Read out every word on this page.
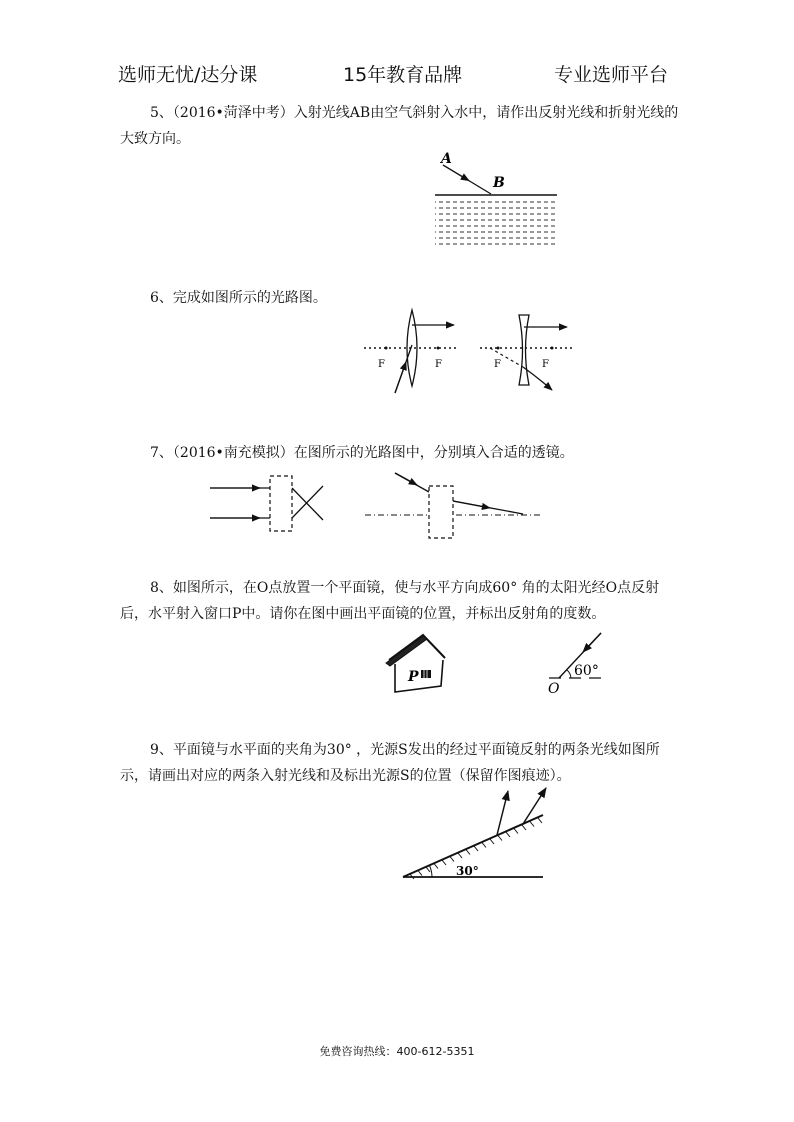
选师无忧/达分课	15年教育品牌	专业选师平台
5、（2016•菏泽中考）入射光线AB由空气斜射入水中，请作出反射光线和折射光线的大致方向。
A
B
6、完成如图所示的光路图。
F	F	F	F
7、（2016•南充模拟）在图所示的光路图中，分别填入合适的透镜。
8、如图所示，在O点放置一个平面镜，使与水平方向成60° 角的太阳光经O点反射后，水平射入窗口P中。请你在图中画出平面镜的位置，并标出反射角的度数。
P	60°
O
9、平面镜与水平面的夹角为30° ，光源S发出的经过平面镜反射的两条光线如图所示，请画出对应的两条入射光线和及标出光源S的位置（保留作图痕迹）。
30°
免费咨询热线：400-612-5351
